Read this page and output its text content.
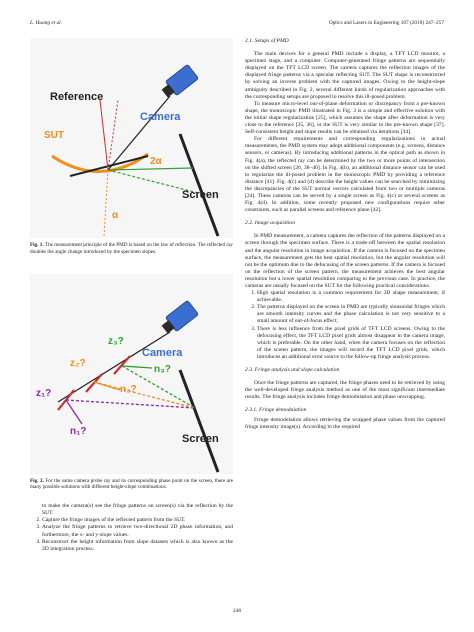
L. Huang et al.	Optics and Lasers in Engineering 107 (2018) 247–257
Reference
SUT
Camera
2α
Screen
α
Fig. 1. The measurement principle of the PMD is based on the law of reflection. The reflected ray doubles the angle change introduced by the specimen slopes.
z₃?
z₂?
z₁?
n₃?
n₂?
n₁?
Camera
Screen
Fig. 2. For the same camera probe ray and its corresponding phase point on the screen, there are many possible solutions with different height-slope combinations.
to make the camera(s) see the fringe patterns on screen(s) via the reflection by the SUT.
2. Capture the fringe images of the reflected pattern from the SUT.
3. Analyze the fringe patterns to retrieve two-directional 2D phase information, and furthermore, the x- and y-slope values.
4. Reconstruct the height information from slope datasets which is also known as the 2D integration process.
2.1. Setups of PMD

The main devices for a general PMD include a display, a TFT LCD monitor, a specimen stage, and a computer. Computer-generated fringe patterns are sequentially displayed on the TFT LCD screen. The camera captures the reflection images of the displayed fringe patterns via a specular reflecting SUT. The SUT shape is reconstructed by solving an inverse problem with the captured images. Owing to the height-slope ambiguity described in Fig. 2, several different kinds of regularization approaches with the corresponding setups are proposed to resolve this ill-posed problem.

To measure micro-level out-of-plane deformation or discrepancy from a pre-known shape, the monoscopic PMD illustrated in Fig. 3 is a simple and effective solution with the initial shape regularization [25], which assumes the shape after deformation is very close to the reference [35, 36], or the SUT is very similar to the pre-known shape [37]. Self-consistent height and slope results can be obtained via iterations [34].

For different requirements and corresponding regularizations in actual measurements, the PMD system may adopt additional components (e.g. screens, distance sensors, or cameras). By introducing additional patterns in the optical path as shown in Fig. 4(a), the reflected ray can be determined by the two or more points of intersection on the shifted screen [26, 38–40]. In Fig. 4(b), an additional distance sensor can be used to regularize the ill-posed problem in the monoscopic PMD by providing a reference distance [41]. Fig. 4(c) and (d) describe the height values can be searched by minimizing the discrepancies of the SUT normal vectors calculated from two or multiple cameras [24]. These cameras can be served by a single screen as Fig. 4(c) or several screens as Fig. 4(d). In addition, some recently proposed new configurations require other constraints, such as parallel screens and reference plane [42].

2.2. Image acquisition

In PMD measurement, a camera captures the reflection of the patterns displayed on a screen through the specimen surface. There is a trade-off between the spatial resolution and the angular resolution in image acquisition. If the camera is focused on the specimen surface, the measurement gets the best spatial resolution, but the angular resolution will not be the optimum due to the defocusing of the screen patterns. If the camera is focused on the reflection of the screen pattern, the measurement achieves the best angular resolution but a lower spatial resolution comparing to the previous case. In practice, the cameras are usually focused on the SUT for the following practical considerations.

1. High spatial resolution is a common requirement for 3D shape measurement, if achievable.
2. The patterns displayed on the screen in PMD are typically sinusoidal fringes which are smooth intensity curves and the phase calculation is not very sensitive to a small amount of out-of-focus effect;
3. There is less influence from the pixel grids of TFT LCD screens. Owing to the defocusing effect, the TFT LCD pixel grids almost disappear in the camera image, which is preferable. On the other hand, when the camera focuses on the reflection of the screen pattern, the images will record the TFT LCD pixel grids, which introduces an additional error source to the follow-up fringe analysis process.
2.3. Fringe analysis and slope calculation

Once the fringe patterns are captured, the fringe phases need to be retrieved by using the well-developed fringe analysis method as one of the most significant intermediate results. The fringe analysis includes fringe demodulation and phase unwrapping.

2.3.1. Fringe demodulation

Fringe demodulation allows retrieving the wrapped phase values from the captured fringe intensity image(s). According to the required

248
